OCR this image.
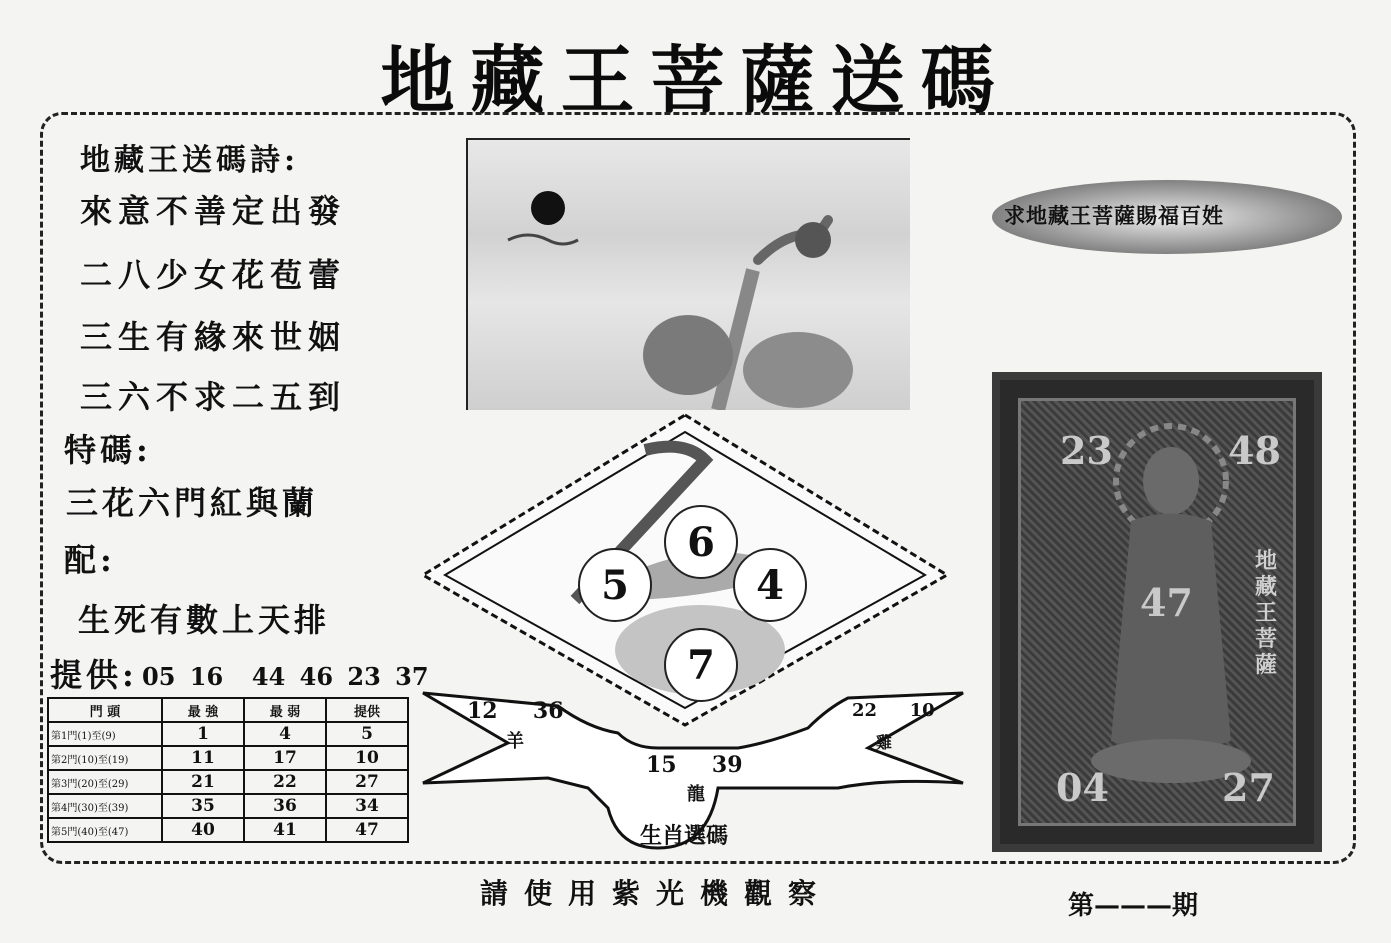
地藏王菩薩送碼
地藏王送碼詩:
來意不善定出發
二八少女花苞蕾
三生有緣來世姻
三六不求二五到
特碼:
三花六門紅與蘭
配:
生死有數上天排
提供: 05 16  44 46 23 37
門 頭	最 強	最 弱	提供
第1門(1)至(9)	1	4	5
第2門(10)至(19)	11	17	10
第3門(20)至(29)	21	22	27
第4門(30)至(39)	35	36	34
第5門(40)至(47)	40	41	47
6
5	4
7
12  36
羊
22  10
雞
15  39
龍
生肖選碼
求地藏王菩薩賜福百姓
23	48
47
04	27
地藏王菩薩
請使用紫光機觀察	第———期
